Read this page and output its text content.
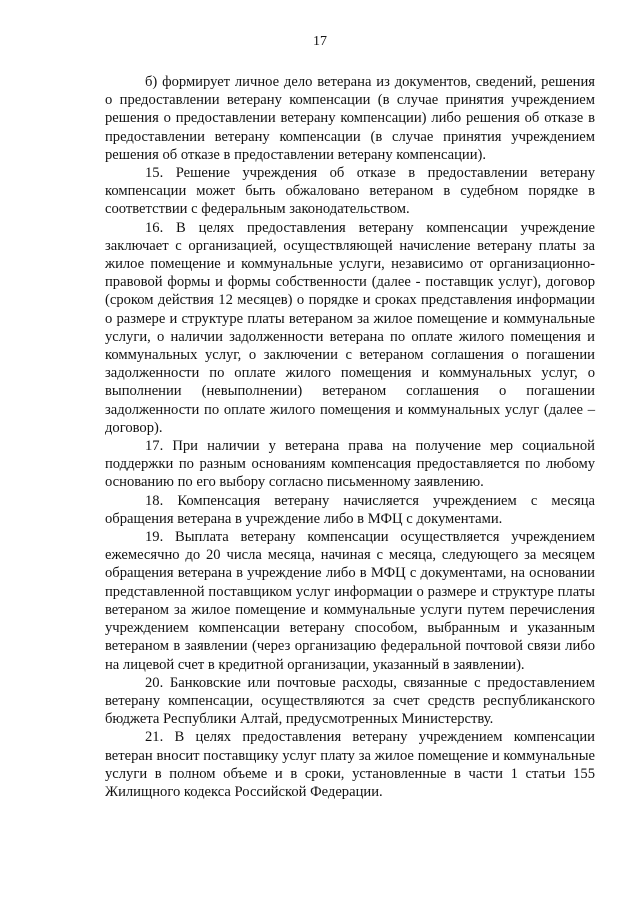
17

б) формирует личное дело ветерана из документов, сведений, решения о предоставлении ветерану компенсации (в случае принятия учреждением решения о предоставлении ветерану компенсации) либо решения об отказе в предоставлении ветерану компенсации (в случае принятия учреждением решения об отказе в предоставлении ветерану компенсации).

15. Решение учреждения об отказе в предоставлении ветерану компенсации может быть обжаловано ветераном в судебном порядке в соответствии с федеральным законодательством.

16. В целях предоставления ветерану компенсации учреждение заключает с организацией, осуществляющей начисление ветерану платы за жилое помещение и коммунальные услуги, независимо от организационно-правовой формы и формы собственности (далее - поставщик услуг), договор (сроком действия 12 месяцев) о порядке и сроках представления информации о размере и структуре платы ветераном за жилое помещение и коммунальные услуги, о наличии задолженности ветерана по оплате жилого помещения и коммунальных услуг, о заключении с ветераном соглашения о погашении задолженности по оплате жилого помещения и коммунальных услуг, о выполнении (невыполнении) ветераном соглашения о погашении задолженности по оплате жилого помещения и коммунальных услуг (далее – договор).

17. При наличии у ветерана права на получение мер социальной поддержки по разным основаниям компенсация предоставляется по любому основанию по его выбору согласно письменному заявлению.

18. Компенсация ветерану начисляется учреждением с месяца обращения ветерана в учреждение либо в МФЦ с документами.

19. Выплата ветерану компенсации осуществляется учреждением ежемесячно до 20 числа месяца, начиная с месяца, следующего за месяцем обращения ветерана в учреждение либо в МФЦ с документами, на основании представленной поставщиком услуг информации о размере и структуре платы ветераном за жилое помещение и коммунальные услуги путем перечисления учреждением компенсации ветерану способом, выбранным и указанным ветераном в заявлении (через организацию федеральной почтовой связи либо на лицевой счет в кредитной организации, указанный в заявлении).

20. Банковские или почтовые расходы, связанные с предоставлением ветерану компенсации, осуществляются за счет средств республиканского бюджета Республики Алтай, предусмотренных Министерству.

21. В целях предоставления ветерану учреждением компенсации ветеран вносит поставщику услуг плату за жилое помещение и коммунальные услуги в полном объеме и в сроки, установленные в части 1 статьи 155 Жилищного кодекса Российской Федерации.
